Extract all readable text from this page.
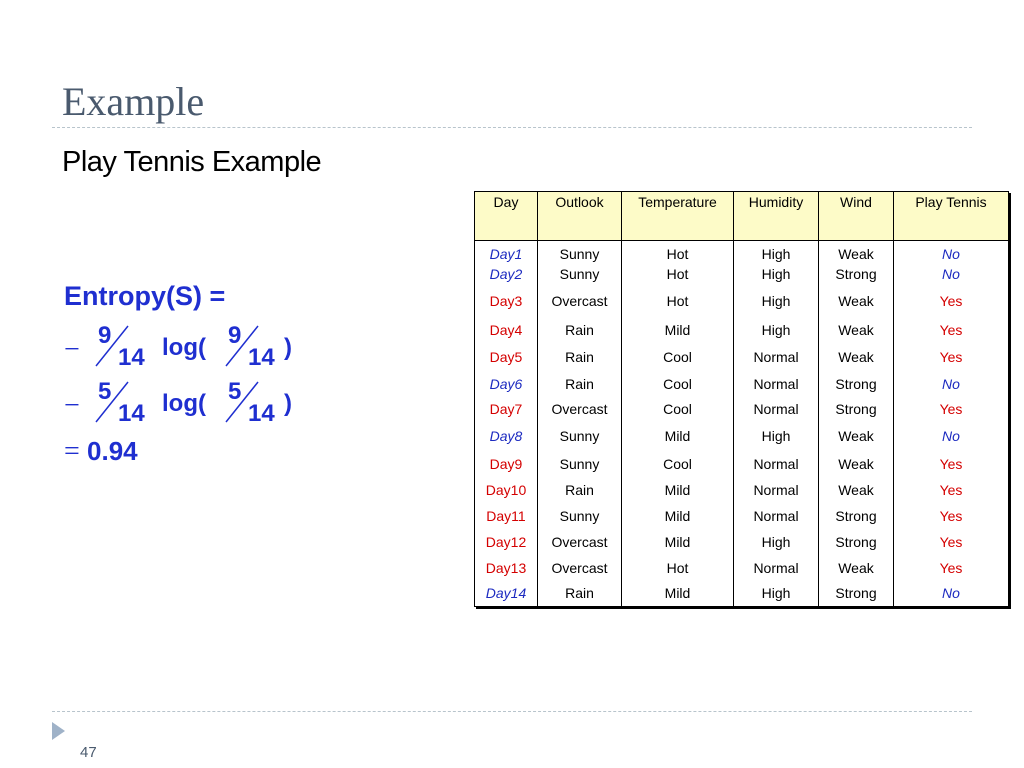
Example
Play Tennis Example
Entropy(S) =
− 9
14 log( 9
14 )
− 5
14 log( 5
14 )
= 0.94
Day	Outlook	Temperature	Humidity	Wind	Play Tennis
Day1	Sunny	Hot	High	Weak	No
Day2	Sunny	Hot	High	Strong	No
Day3	Overcast	Hot	High	Weak	Yes
Day4	Rain	Mild	High	Weak	Yes
Day5	Rain	Cool	Normal	Weak	Yes
Day6	Rain	Cool	Normal	Strong	No
Day7	Overcast	Cool	Normal	Strong	Yes
Day8	Sunny	Mild	High	Weak	No
Day9	Sunny	Cool	Normal	Weak	Yes
Day10	Rain	Mild	Normal	Weak	Yes
Day11	Sunny	Mild	Normal	Strong	Yes
Day12	Overcast	Mild	High	Strong	Yes
Day13	Overcast	Hot	Normal	Weak	Yes
Day14	Rain	Mild	High	Strong	No
47
